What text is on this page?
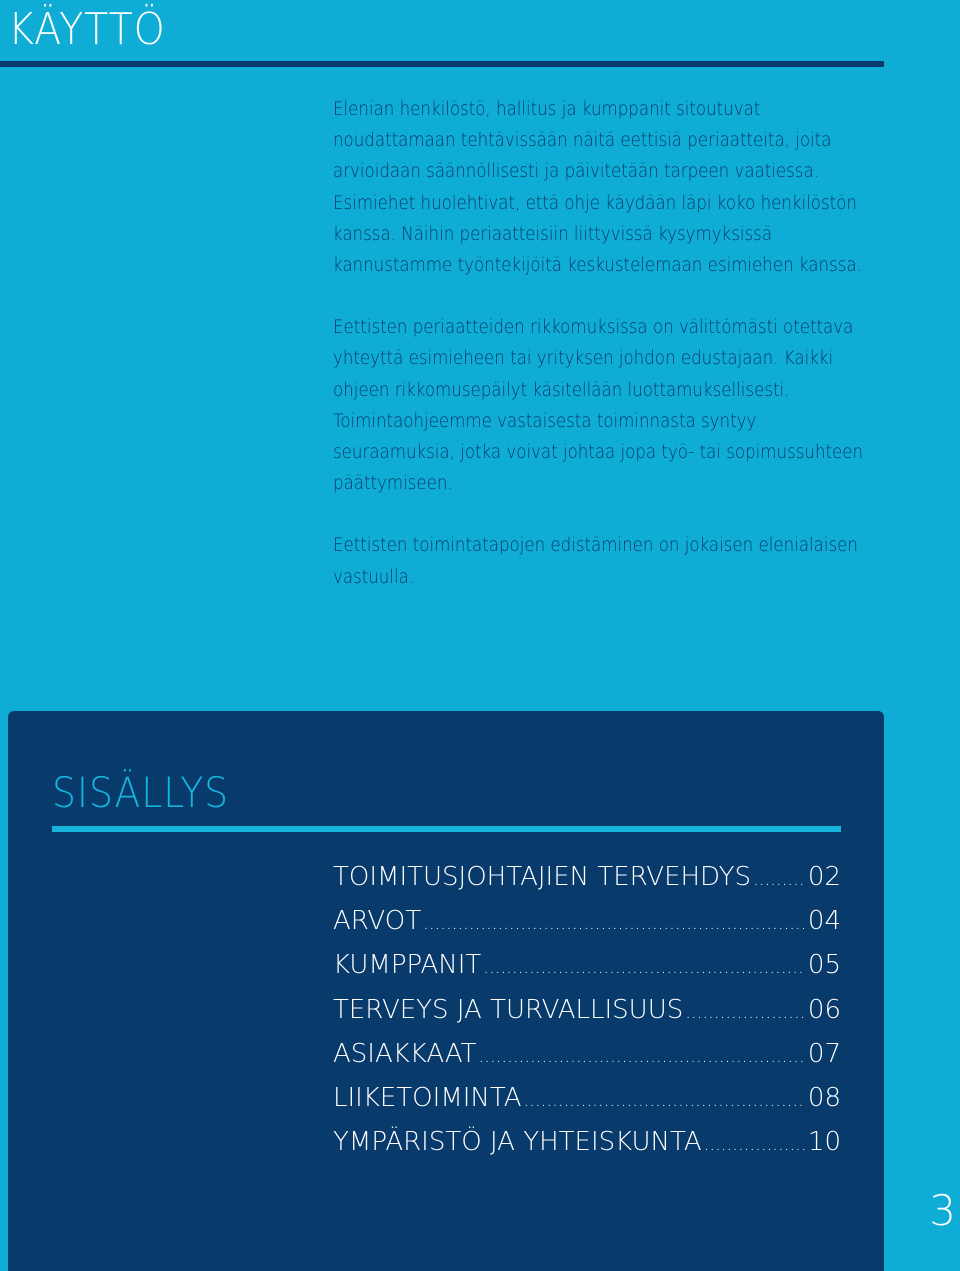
KÄYTTÖ

Elenian henkilöstö, hallitus ja kumppanit sitoutuvat noudattamaan tehtävissään näitä eettisiä periaatteita, joita arvioidaan säännöllisesti ja päivitetään tarpeen vaatiessa. Esimiehet huolehtivat, että ohje käydään läpi koko henkilöstön kanssa. Näihin periaatteisiin liittyvissä kysymyksissä kannustamme työntekijöitä keskustelemaan esimiehen kanssa.

Eettisten periaatteiden rikkomuksissa on välittömästi otettava yhteyttä esimieheen tai yrityksen johdon edustajaan. Kaikki ohjeen rikkomusepäilyt käsitellään luottamuksellisesti. Toimintaohjeemme vastaisesta toiminnasta syntyy seuraamuksia, jotka voivat johtaa jopa työ- tai sopimussuhteen päättymiseen.

Eettisten toimintatapojen edistäminen on jokaisen elenialaisen vastuulla.

SISÄLLYS
TOIMITUSJOHTAJIEN TERVEHDYS ..... 02
ARVOT .....	04
KUMPPANIT .....	05
TERVEYS JA TURVALLISUUS .....	06
ASIAKKAAT .....	07
LIIKETOIMINTA .....	08
YMPÄRISTÖ JA YHTEISKUNTA .....	10
3
